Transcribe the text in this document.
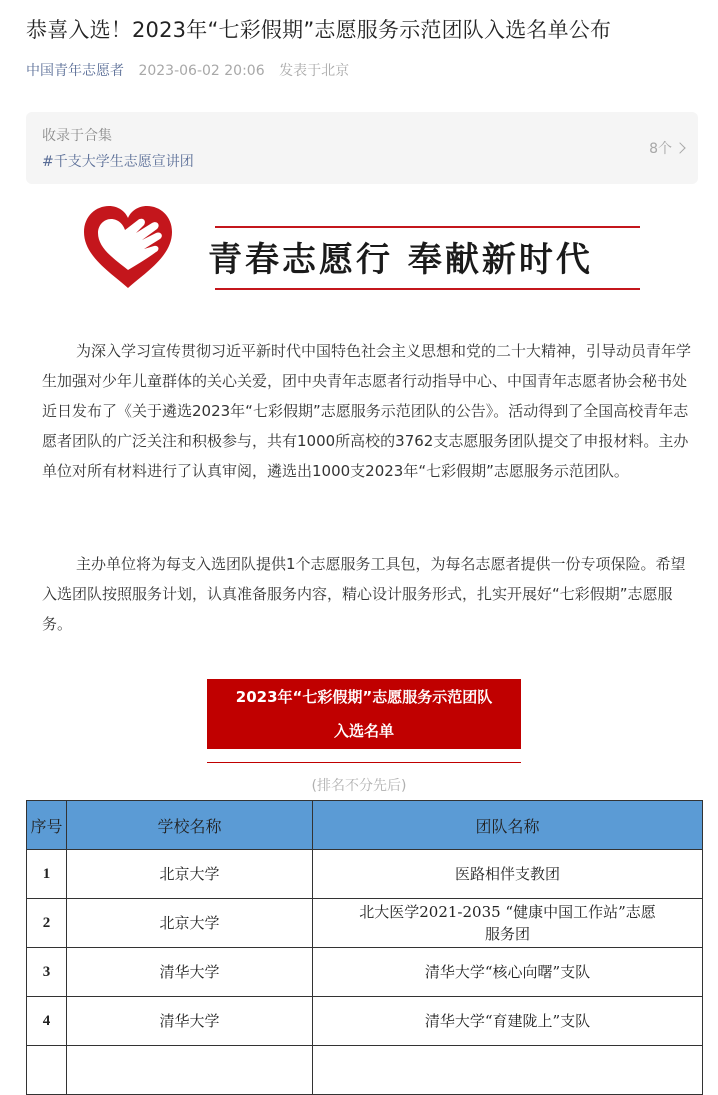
恭喜入选！2023年“七彩假期”志愿服务示范团队入选名单公布
中国青年志愿者 2023-06-02 20:06 发表于北京
收录于合集
#千支大学生志愿宣讲团
8个
青春志愿行 奉献新时代

为深入学习宣传贯彻习近平新时代中国特色社会主义思想和党的二十大精神，引导动员青年学生加强对少年儿童群体的关心关爱，团中央青年志愿者行动指导中心、中国青年志愿者协会秘书处近日发布了《关于遴选2023年“七彩假期”志愿服务示范团队的公告》。活动得到了全国高校青年志愿者团队的广泛关注和积极参与，共有1000所高校的3762支志愿服务团队提交了申报材料。主办单位对所有材料进行了认真审阅，遴选出1000支2023年“七彩假期”志愿服务示范团队。

主办单位将为每支入选团队提供1个志愿服务工具包，为每名志愿者提供一份专项保险。希望入选团队按照服务计划，认真准备服务内容，精心设计服务形式，扎实开展好“七彩假期”志愿服务。

2023年“七彩假期”志愿服务示范团队
入选名单
(排名不分先后)
序号	学校名称	团队名称
1	北京大学	医路相伴支教团
2	北京大学	北大医学2021-2035 “健康中国工作站”志愿服务团
3	清华大学	清华大学“核心向曙”支队
4	清华大学	清华大学“育建陇上”支队
